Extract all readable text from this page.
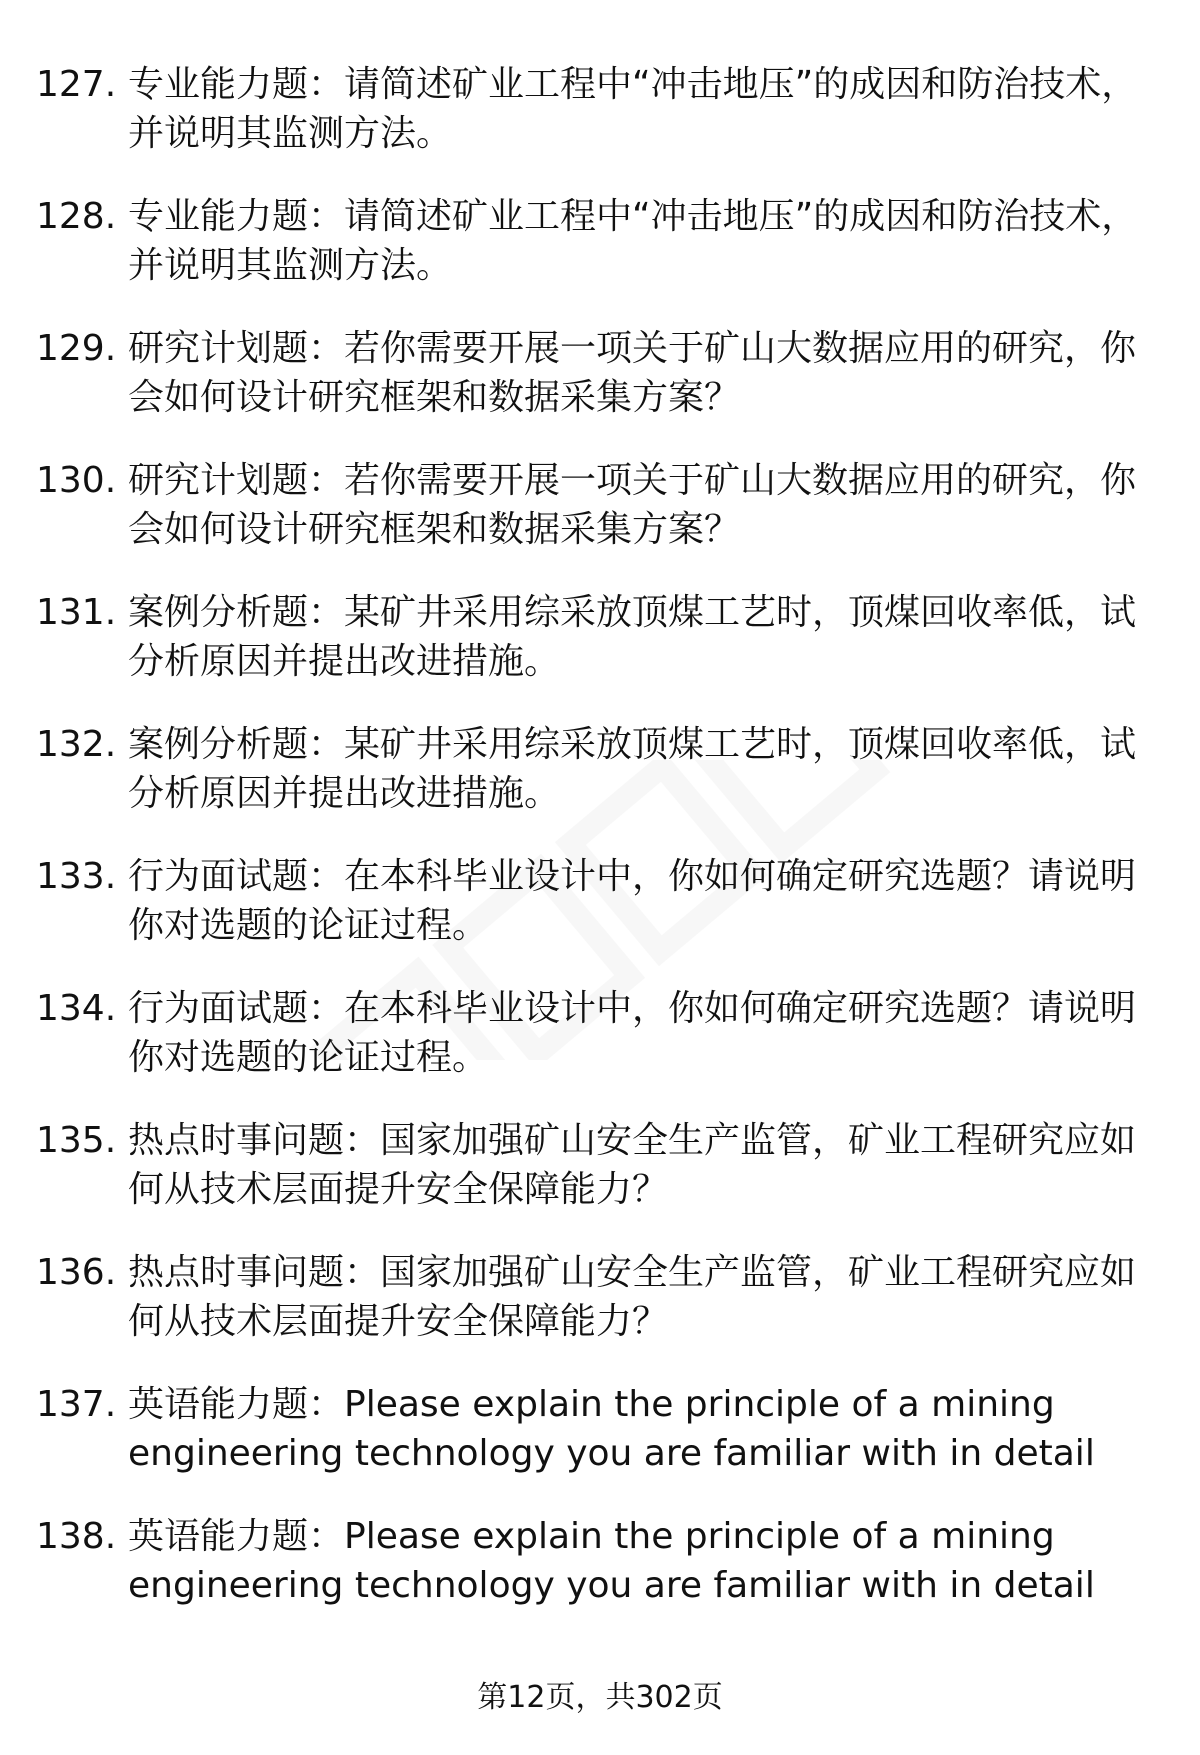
127. 专业能力题：请简述矿业工程中“冲击地压”的成因和防治技术，并说明其监测方法。
128. 专业能力题：请简述矿业工程中“冲击地压”的成因和防治技术，并说明其监测方法。
129. 研究计划题：若你需要开展一项关于矿山大数据应用的研究，你会如何设计研究框架和数据采集方案？
130. 研究计划题：若你需要开展一项关于矿山大数据应用的研究，你会如何设计研究框架和数据采集方案？
131. 案例分析题：某矿井采用综采放顶煤工艺时，顶煤回收率低，试分析原因并提出改进措施。
132. 案例分析题：某矿井采用综采放顶煤工艺时，顶煤回收率低，试分析原因并提出改进措施。
133. 行为面试题：在本科毕业设计中，你如何确定研究选题？请说明你对选题的论证过程。
134. 行为面试题：在本科毕业设计中，你如何确定研究选题？请说明你对选题的论证过程。
135. 热点时事问题：国家加强矿山安全生产监管，矿业工程研究应如何从技术层面提升安全保障能力？
136. 热点时事问题：国家加强矿山安全生产监管，矿业工程研究应如何从技术层面提升安全保障能力？
137. 英语能力题：Please explain the principle of a mining engineering technology you are familiar with in detail
138. 英语能力题：Please explain the principle of a mining engineering technology you are familiar with in detail
第12页，共302页
